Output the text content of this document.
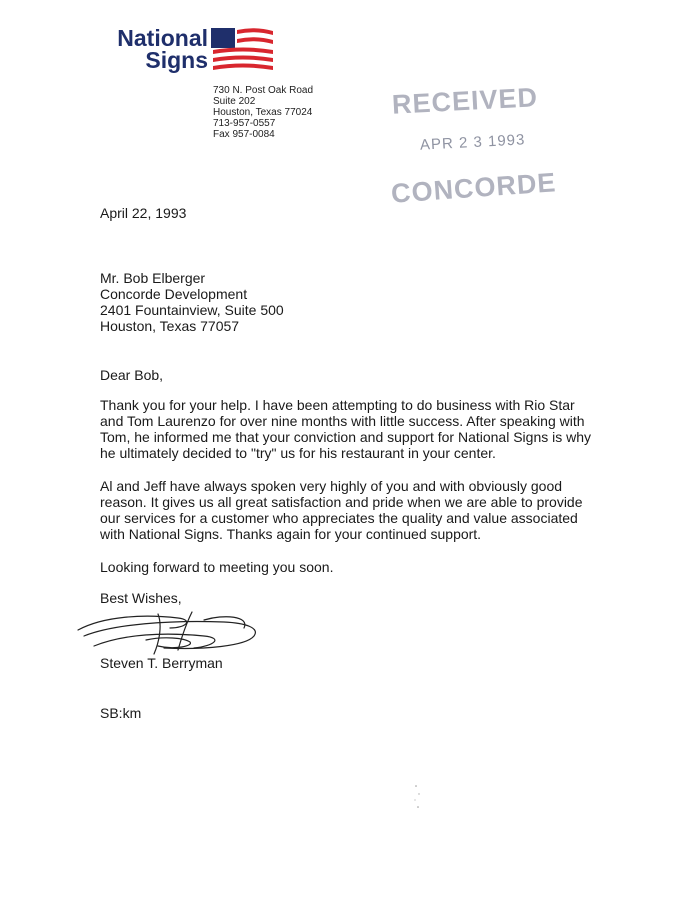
National
Signs
730 N. Post Oak Road
Suite 202
Houston, Texas 77024
713-957-0557
Fax 957-0084
RECEIVED
APR 2 3 1993
CONCORDE
April 22, 1993
Mr. Bob Elberger
Concorde Development
2401 Fountainview, Suite 500
Houston, Texas 77057
Dear Bob,
Thank you for your help. I have been attempting to do business with Rio Star
and Tom Laurenzo for over nine months with little success. After speaking with
Tom, he informed me that your conviction and support for National Signs is why
he ultimately decided to "try" us for his restaurant in your center.
Al and Jeff have always spoken very highly of you and with obviously good
reason. It gives us all great satisfaction and pride when we are able to provide
our services for a customer who appreciates the quality and value associated
with National Signs. Thanks again for your continued support.
Looking forward to meeting you soon.
Best Wishes,
Steven T. Berryman
SB:km
